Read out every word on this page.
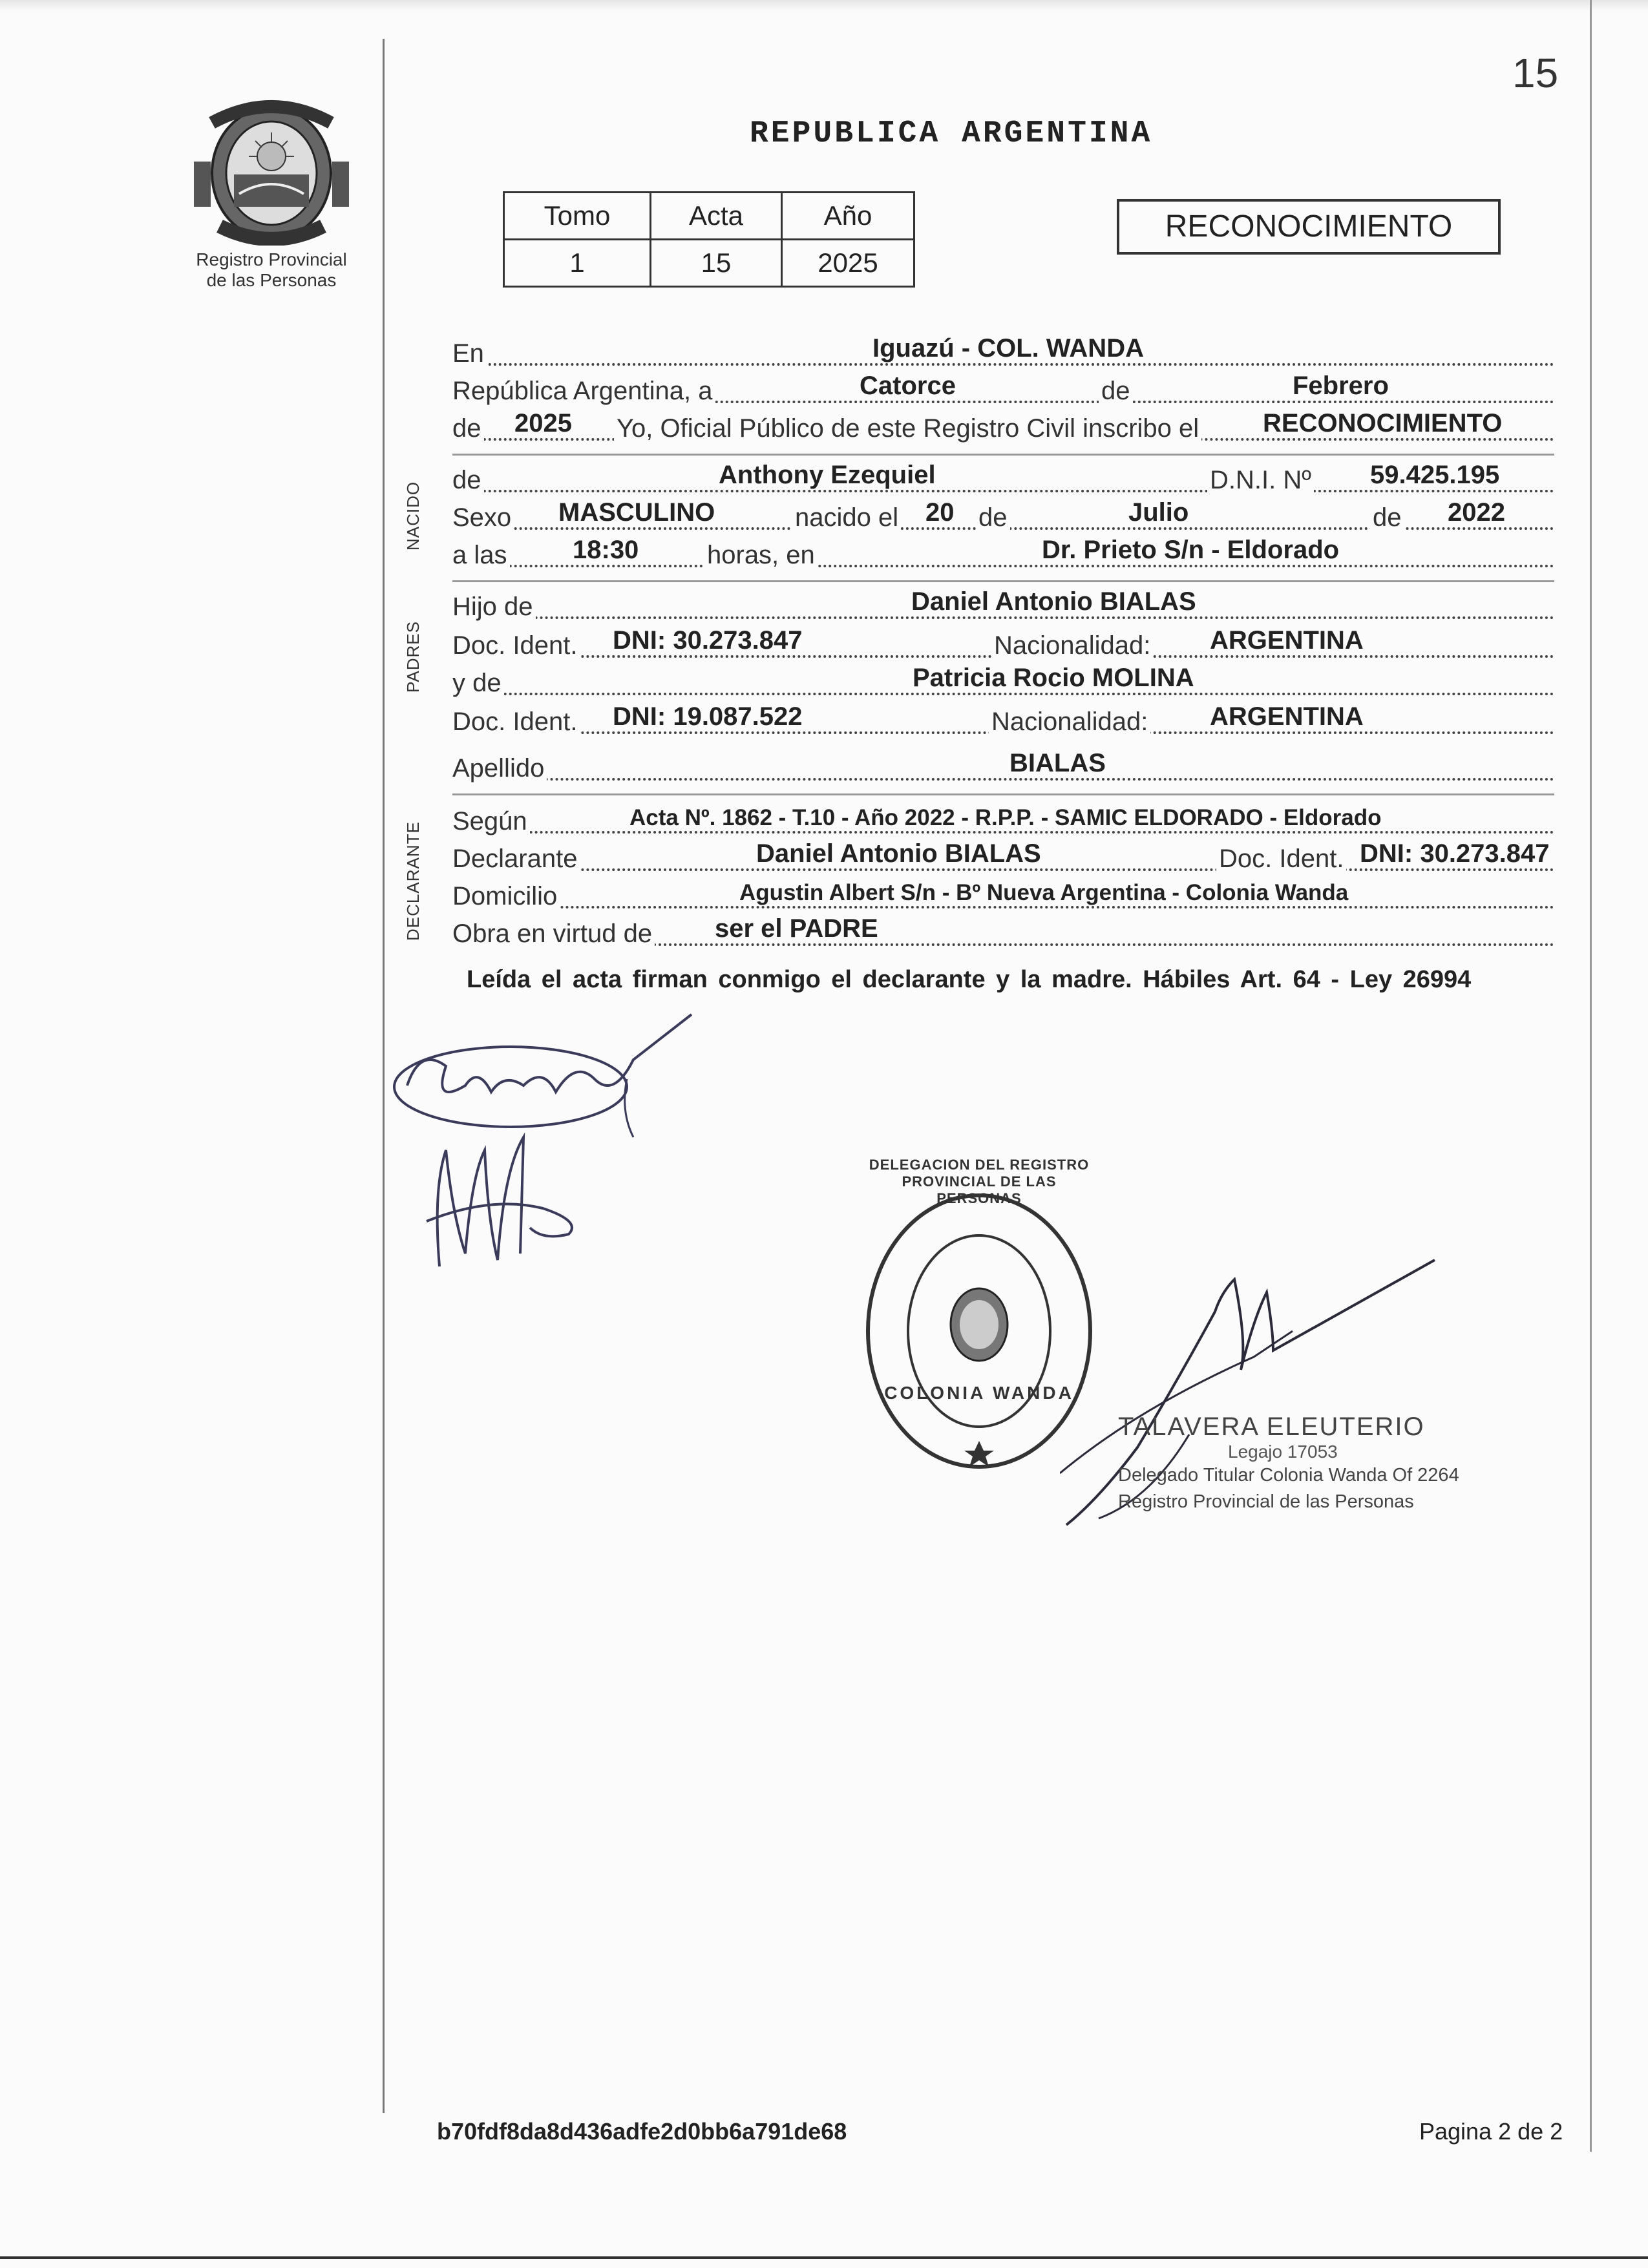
15
Registro Provincial
de las Personas
REPUBLICA ARGENTINA
Tomo	Acta	Año
1	15	2025
RECONOCIMIENTO
NACIDO
PADRES
DECLARANTE
En	Iguazú - COL. WANDA
República Argentina, a	Catorce	de	Febrero
de 2025 Yo, Oficial Público de este Registro Civil inscribo el RECONOCIMIENTO
de	Anthony Ezequiel	D.N.I. Nº 59.425.195
Sexo MASCULINO	nacido el 20 de	Julio	de 2022
a las	18:30	horas, en	Dr. Prieto S/n - Eldorado
Hijo de	Daniel Antonio BIALAS
Doc. Ident. DNI: 30.273.847	Nacionalidad: ARGENTINA
y de	Patricia Rocio MOLINA
Doc. Ident. DNI: 19.087.522	Nacionalidad: ARGENTINA
Apellido	BIALAS
Según	Acta Nº. 1862 - T.10 - Año 2022 - R.P.P. - SAMIC ELDORADO - Eldorado
Declarante	Daniel Antonio BIALAS	Doc. Ident. DNI: 30.273.847
Domicilio	Agustin Albert S/n - Bº Nueva Argentina - Colonia Wanda
Obra en virtud de ser el PADRE
Leída el acta firman conmigo el declarante y la madre. Hábiles Art. 64 - Ley 26994
DELEGACION DEL REGISTRO PROVINCIAL DE LAS PERSONAS
COLONIA WANDA
TALAVERA ELEUTERIO
Legajo 17053
Delegado Titular Colonia Wanda Of 2264
Registro Provincial de las Personas
b70fdf8da8d436adfe2d0bb6a791de68	Pagina 2 de 2
